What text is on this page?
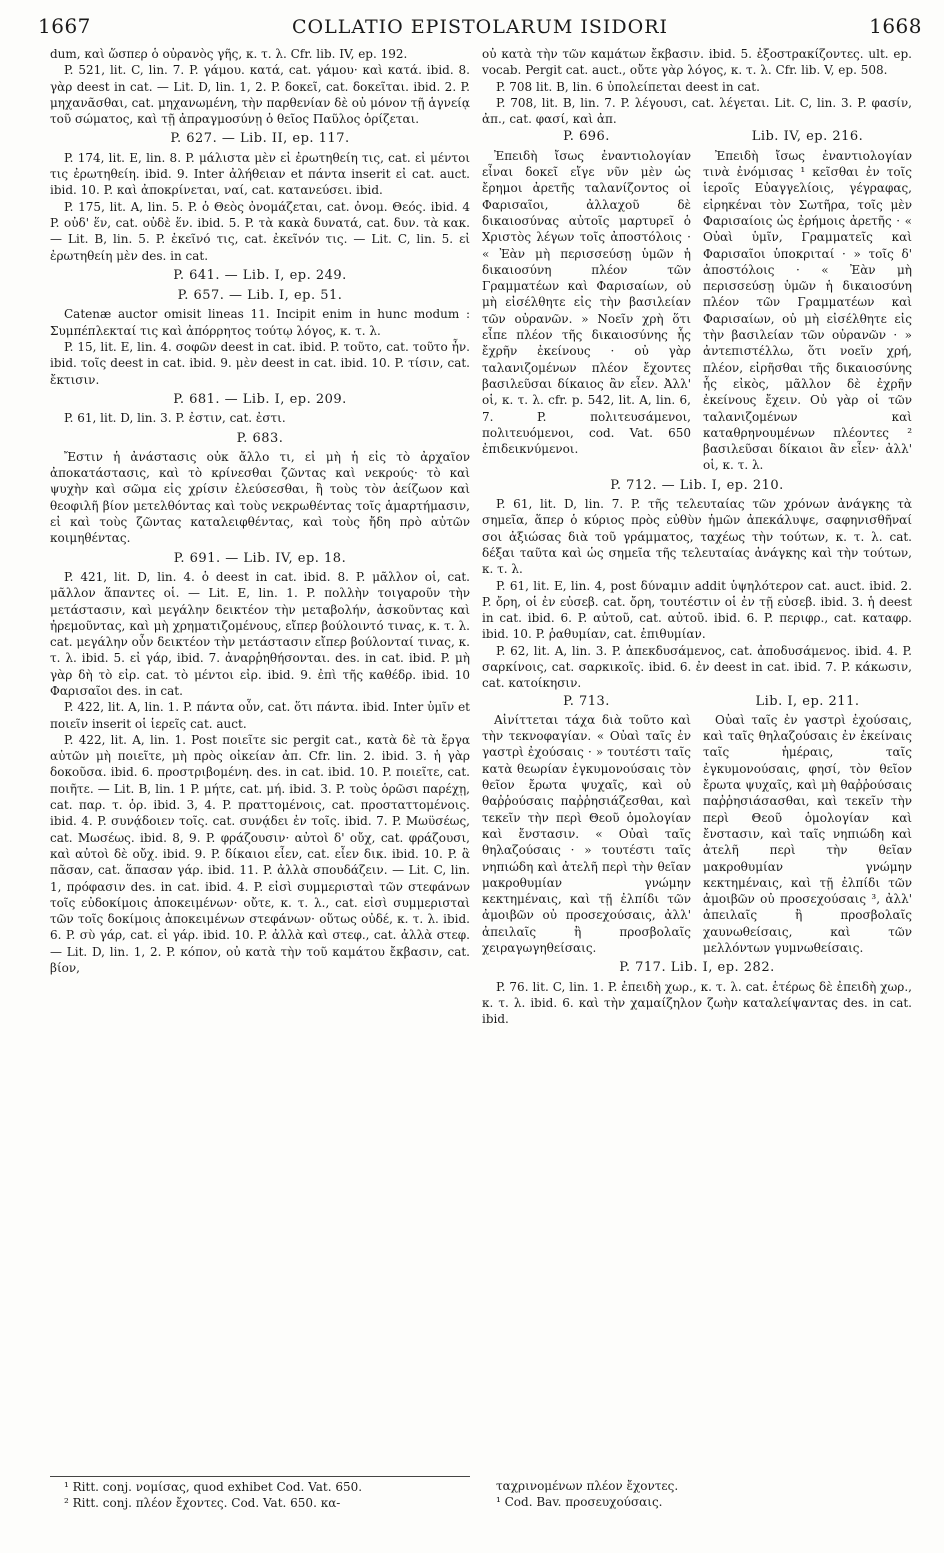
1667	COLLATIO EPISTOLARUM ISIDORI	1668

dum, καὶ ὥσπερ ὁ οὐρανὸς γῆς, κ. τ. λ. Cfr. lib. IV, ep. 192.

P. 521, lit. C, lin. 7. P. γάμου. κατά, cat. γάμου· καὶ κατά. ibid. 8. γὰρ deest in cat. — Lit. D, lin. 1, 2. P. δοκεῖ, cat. δοκεῖται. ibid. 2. P. μηχανᾶσθαι, cat. μηχανωμένη, τὴν παρθενίαν δὲ οὐ μόνον τῇ ἁγνείᾳ τοῦ σώματος, καὶ τῇ ἀπραγμοσύνῃ ὁ θεῖος Παῦλος ὁρίζεται.

P. 627. — Lib. II, ep. 117.

P. 174, lit. E, lin. 8. P. μάλιστα μὲν εἰ ἐρωτηθείη τις, cat. εἰ μέντοι τις ἐρωτηθείη. ibid. 9. Inter ἀλήθειαν et πάντα inserit εἰ cat. auct. ibid. 10. P. καὶ ἀποκρίνεται, ναί, cat. κατανεύσει. ibid.

P. 175, lit. A, lin. 5. P. ὁ Θεὸς ὀνομάζεται, cat. ὀνομ. Θεός. ibid. 4 P. οὐδ' ἕν, cat. οὐδὲ ἕν. ibid. 5. P. τὰ κακὰ δυνατά, cat. δυν. τὰ κακ. — Lit. B, lin. 5. P. ἐκεῖνό τις, cat. ἐκεῖνόν τις. — Lit. C, lin. 5. εἰ ἐρωτηθείη μὲν des. in cat.

P. 641. — Lib. I, ep. 249.
P. 657. — Lib. I, ep. 51.

Catenæ auctor omisit lineas 11. Incipit enim in hunc modum : Συμπέπλεκταί τις καὶ ἀπόρρητος τούτῳ λόγος, κ. τ. λ.

P. 15, lit. E, lin. 4. σοφῶν deest in cat. ibid. P. τοῦτο, cat. τοῦτο ἦν. ibid. τοῖς deest in cat. ibid. 9. μὲν deest in cat. ibid. 10. P. τίσιν, cat. ἔκτισιν.

P. 681. — Lib. I, ep. 209.

P. 61, lit. D, lin. 3. P. ἐστιν, cat. ἐστι.

P. 683.

Ἔστιν ἡ ἀνάστασις οὐκ ἄλλο τι, εἰ μὴ ἡ εἰς τὸ ἀρχαῖον ἀποκατάστασις, καὶ τὸ κρίνεσθαι ζῶντας καὶ νεκρούς· τὸ καὶ ψυχὴν καὶ σῶμα εἰς χρίσιν ἐλεύσεσθαι, ἢ τοὺς τὸν ἀείζωον καὶ θεοφιλῆ βίον μετελθόντας καὶ τοὺς νεκρωθέντας τοῖς ἁμαρτήμασιν, εἰ καὶ τοὺς ζῶντας καταλειφθέντας, καὶ τοὺς ἤδη πρὸ αὐτῶν κοιμηθέντας.

P. 691. — Lib. IV, ep. 18.

P. 421, lit. D, lin. 4. ὁ deest in cat. ibid. 8. P. μᾶλλον οἱ, cat. μᾶλλον ἅπαντες οἱ. — Lit. E, lin. 1. P. πολλὴν τοιγαροῦν τὴν μετάστασιν, καὶ μεγάλην δεικτέον τὴν μεταβολήν, ἀσκοῦντας καὶ ἠρεμοῦντας, καὶ μὴ χρηματιζομένους, εἴπερ βούλοιντό τινας, κ. τ. λ. cat. μεγάλην οὖν δεικτέον τὴν μετάστασιν εἴπερ βούλονταί τινας, κ. τ. λ. ibid. 5. εἰ γάρ, ibid. 7. ἀναρῥηθήσονται. des. in cat. ibid. P. μὴ γὰρ δὴ τὸ εἰρ. cat. τὸ μέντοι εἰρ. ibid. 9. ἐπὶ τῆς καθέδρ. ibid. 10 Φαρισαῖοι des. in cat.

P. 422, lit. A, lin. 1. P. πάντα οὖν, cat. ὅτι πάντα. ibid. Inter ὑμῖν et ποιεῖν inserit οἱ ἱερεῖς cat. auct.

P. 422, lit. A, lin. 1. Post ποιεῖτε sic pergit cat., κατὰ δὲ τὰ ἔργα αὐτῶν μὴ ποιεῖτε, μὴ πρὸς οἰκείαν ἀπ. Cfr. lin. 2. ibid. 3. ἡ γὰρ δοκοῦσα. ibid. 6. προστριβομένη. des. in cat. ibid. 10. P. ποιεῖτε, cat. ποιῆτε. — Lit. B, lin. 1 P. μήτε, cat. μή. ibid. 3. P. τοὺς ὁρῶσι παρέχῃ, cat. παρ. τ. ὁρ. ibid. 3, 4. P. πραττομένοις, cat. προσταττομένοις. ibid. 4. P. συνᾴδοιεν τοῖς. cat. συνᾴδει ἐν τοῖς. ibid. 7. P. Μωϋσέως, cat. Μωσέως. ibid. 8, 9. P. φράζουσιν· αὐτοὶ δ' οὔχ, cat. φράζουσι, καὶ αὐτοὶ δὲ οὔχ. ibid. 9. P. δίκαιοι εἶεν, cat. εἶεν δικ. ibid. 10. P. ἃ πᾶσαν, cat. ἅπασαν γάρ. ibid. 11. P. ἀλλὰ σπουδάζειν. — Lit. C, lin. 1, πρόφασιν des. in cat. ibid. 4. P. εἰσὶ συμμερισταὶ τῶν στεφάνων τοῖς εὐδοκίμοις ἀποκειμένων· οὔτε, κ. τ. λ., cat. εἰσὶ συμμερισταὶ τῶν τοῖς δοκίμοις ἀποκειμένων στεφάνων· οὕτως οὐδέ, κ. τ. λ. ibid. 6. P. σὺ γάρ, cat. εἰ γάρ. ibid. 10. P. ἀλλὰ καὶ στεφ., cat. ἀλλὰ στεφ. — Lit. D, lin. 1, 2. P. κόπον, οὐ κατὰ τὴν τοῦ καμάτου ἔκβασιν, cat. βίον,

οὐ κατὰ τὴν τῶν καμάτων ἔκβασιν. ibid. 5. ἐξοστρακίζοντες. ult. ep. vocab. Pergit cat. auct., οὔτε γὰρ λόγος, κ. τ. λ. Cfr. lib. V, ep. 508.

P. 708 lit. B, lin. 6 ὑπολείπεται deest in cat.

P. 708, lit. B, lin. 7. P. λέγουσι, cat. λέγεται. Lit. C, lin. 3. P. φασίν, ἀπ., cat. φασί, καὶ ἀπ.

P. 696.

Ἐπειδὴ ἴσως ἐναντιολογίαν εἶναι δοκεῖ εἴγε νῦν μὲν ὡς ἔρημοι ἀρετῆς ταλανίζοντος οἱ Φαρισαῖοι, ἀλλαχοῦ δὲ δικαιοσύνας αὐτοῖς μαρτυρεῖ ὁ Χριστὸς λέγων τοῖς ἀποστόλοις · « Ἐὰν μὴ περισσεύσῃ ὑμῶν ἡ δικαιοσύνη πλέον τῶν Γραμματέων καὶ Φαρισαίων, οὐ μὴ εἰσέλθητε εἰς τὴν βασιλείαν τῶν οὐρανῶν. » Νοεῖν χρὴ ὅτι εἶπε πλέον τῆς δικαιοσύνης ἧς ἔχρῆν ἐκείνους · οὐ γὰρ ταλανιζομένων πλέον ἔχοντες βασιλεῦσαι δίκαιος ἂν εἶεν. Ἀλλ' οἱ, κ. τ. λ. cfr. p. 542, lit. A, lin. 6, 7. P. πολιτευσάμενοι, πολιτευόμενοι, cod. Vat. 650 ἐπιδεικνύμενοι.

Lib. IV, ep. 216.

Ἐπειδὴ ἴσως ἐναντιολογίαν τινὰ ἐνόμισας ¹ κεῖσθαι ἐν τοῖς ἱεροῖς Εὐαγγελίοις, γέγραφας, εἰρηκέναι τὸν Σωτῆρα, τοῖς μὲν Φαρισαίοις ὡς ἐρήμοις ἀρετῆς · « Οὐαὶ ὑμῖν, Γραμματεῖς καὶ Φαρισαῖοι ὑποκριταί · » τοῖς δ' ἀποστόλοις · « Ἐὰν μὴ περισσεύσῃ ὑμῶν ἡ δικαιοσύνη πλέον τῶν Γραμματέων καὶ Φαρισαίων, οὐ μὴ εἰσέλθητε εἰς τὴν βασιλείαν τῶν οὐρανῶν · » ἀντεπιστέλλω, ὅτι νοεῖν χρή, πλέον, εἰρῆσθαι τῆς δικαιοσύνης ἧς εἰκὸς, μᾶλλον δὲ ἐχρῆν ἐκείνους ἔχειν. Οὐ γὰρ οἱ τῶν ταλανιζομένων καὶ καταθρηνουμένων πλέοντες ² βασιλεῦσαι δίκαιοι ἂν εἶεν· ἀλλ' οἱ, κ. τ. λ.

P. 712. — Lib. I, ep. 210.

P. 61, lit. D, lin. 7. P. τῆς τελευταίας τῶν χρόνων ἀνάγκης τὰ σημεῖα, ἅπερ ὁ κύριος πρὸς εὐθὺν ἡμῶν ἀπεκάλυψε, σαφηνισθῆναί σοι ἀξιώσας διὰ τοῦ γράμματος, ταχέως τὴν τούτων, κ. τ. λ. cat. δέξαι ταῦτα καὶ ὡς σημεῖα τῆς τελευταίας ἀνάγκης καὶ τὴν τούτων, κ. τ. λ.

P. 61, lit. E, lin. 4, post δύναμιν addit ὑψηλότερον cat. auct. ibid. 2. P. ὄρη, οἱ ἐν εὐσεβ. cat. ὄρη, τουτέστιν οἱ ἐν τῇ εὐσεβ. ibid. 3. ἡ deest in cat. ibid. 6. P. αὐτοῦ, cat. αὐτοῦ. ibid. 6. P. περιφρ., cat. καταφρ. ibid. 10. P. ῥαθυμίαν, cat. ἐπιθυμίαν.

P. 62, lit. A, lin. 3. P. ἀπεκδυσάμενος, cat. ἀποδυσάμενος. ibid. 4. P. σαρκίνοις, cat. σαρκικοῖς. ibid. 6. ἐν deest in cat. ibid. 7. P. κάκωσιν, cat. κατοίκησιν.

P. 713.

Αἰνίττεται τάχα διὰ τοῦτο καὶ τὴν τεκνοφαγίαν. « Οὐαὶ ταῖς ἐν γαστρὶ ἐχούσαις · » τουτέστι ταῖς κατὰ θεωρίαν ἐγκυμονούσαις τὸν θεῖον ἔρωτα ψυχαῖς, καὶ οὐ θαῤῥούσαις παῤῥησιάζεσθαι, καὶ τεκεῖν τὴν περὶ Θεοῦ ὁμολογίαν καὶ ἔνστασιν. « Οὐαὶ ταῖς θηλαζούσαις · » τουτέστι ταῖς νηπιώδη καὶ ἀτελῆ περὶ τὴν θεῖαν μακροθυμίαν γνώμην κεκτημέναις, καὶ τῇ ἐλπίδι τῶν ἀμοιβῶν οὐ προσεχούσαις, ἀλλ' ἀπειλαῖς ἢ προσβολαῖς χειραγωγηθείσαις.

Lib. I, ep. 211.

Οὐαὶ ταῖς ἐν γαστρὶ ἐχούσαις, καὶ ταῖς θηλαζούσαις ἐν ἐκείναις ταῖς ἡμέραις, ταῖς ἐγκυμονούσαις, φησί, τὸν θεῖον ἔρωτα ψυχαῖς, καὶ μὴ θαῤῥούσαις παῤῥησιάσασθαι, καὶ τεκεῖν τὴν περὶ Θεοῦ ὁμολογίαν καὶ ἔνστασιν, καὶ ταῖς νηπιώδη καὶ ἀτελῆ περὶ τὴν θεῖαν μακροθυμίαν γνώμην κεκτημέναις, καὶ τῇ ἐλπίδι τῶν ἀμοιβῶν οὐ προσεχούσαις ³, ἀλλ' ἀπειλαῖς ἢ προσβολαῖς χαυνωθείσαις, καὶ τῶν μελλόντων γυμνωθείσαις.

P. 717. Lib. I, ep. 282.

P. 76. lit. C, lin. 1. P. ἐπειδὴ χωρ., κ. τ. λ. cat. ἑτέρως δὲ ἐπειδὴ χωρ., κ. τ. λ. ibid. 6. καὶ τὴν χαμαίζηλον ζωὴν καταλείψαντας des. in cat. ibid.

¹ Ritt. conj. νομίσας, quod exhibet Cod. Vat. 650.

² Ritt. conj. πλέον ἔχοντες. Cod. Vat. 650. κα-

ταχρινομένων πλέον ἔχοντες.

¹ Cod. Bav. προσευχούσαις.
